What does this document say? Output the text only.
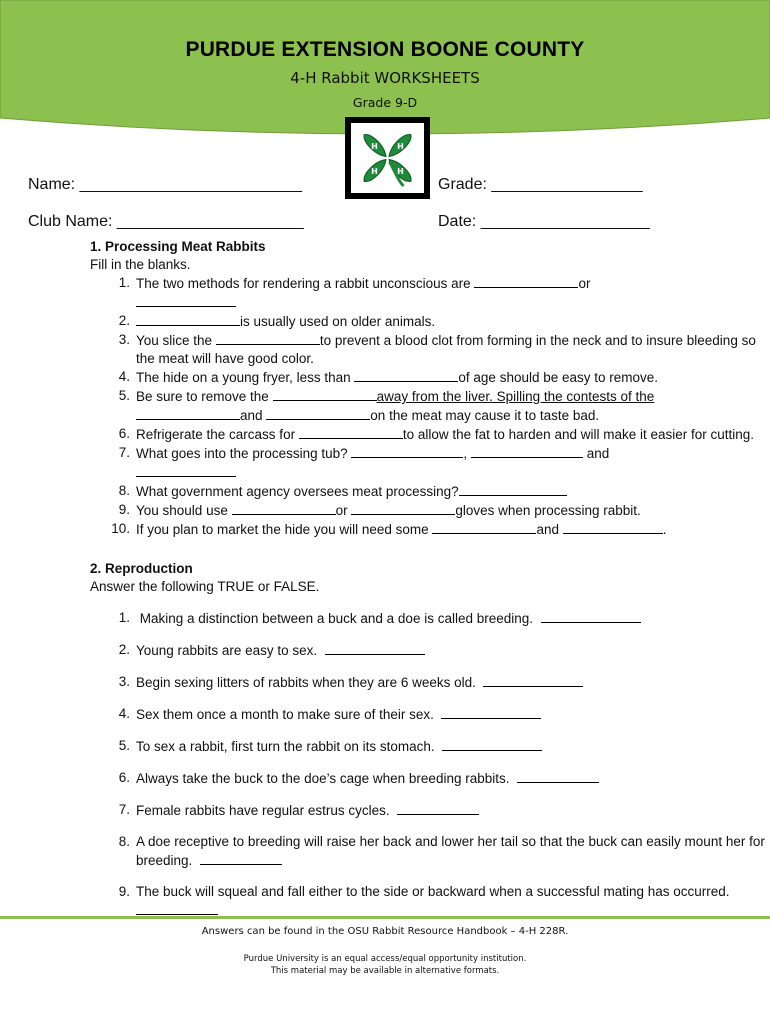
PURDUE EXTENSION BOONE COUNTY
4-H Rabbit WORKSHEETS
Grade 9-D
H H
H H
Name: _________________________	Grade: _________________
Club Name: _____________________	Date: ___________________
1. Processing Meat Rabbits
Fill in the blanks.
1. The two methods for rendering a rabbit unconscious are	or

2.	is usually used on older animals.
3. You slice the	to prevent a blood clot from forming in the neck and to insure bleeding so the meat will have good color.
4. The hide on a young fryer, less than	of age should be easy to remove.
5. Be sure to remove the	away from the liver. Spilling the contests of the
and	on the meat may cause it to taste bad.
6. Refrigerate the carcass for	to allow the fat to harden and will make it easier for cutting.
7. What goes into the processing tub?	,	and

8. What government agency oversees meat processing?
9. You should use	or	gloves when processing rabbit.
10. If you plan to market the hide you will need some	and	.
2. Reproduction
Answer the following TRUE or FALSE.
1. Making a distinction between a buck and a doe is called breeding.
2. Young rabbits are easy to sex.
3. Begin sexing litters of rabbits when they are 6 weeks old.
4. Sex them once a month to make sure of their sex.
5. To sex a rabbit, first turn the rabbit on its stomach.
6. Always take the buck to the doe’s cage when breeding rabbits.
7. Female rabbits have regular estrus cycles.
8. A doe receptive to breeding will raise her back and lower her tail so that the buck can easily mount her for breeding.
9. The buck will squeal and fall either to the side or backward when a successful mating has occurred.
Answers can be found in the OSU Rabbit Resource Handbook – 4-H 228R.
Purdue University is an equal access/equal opportunity institution.
This material may be available in alternative formats.
